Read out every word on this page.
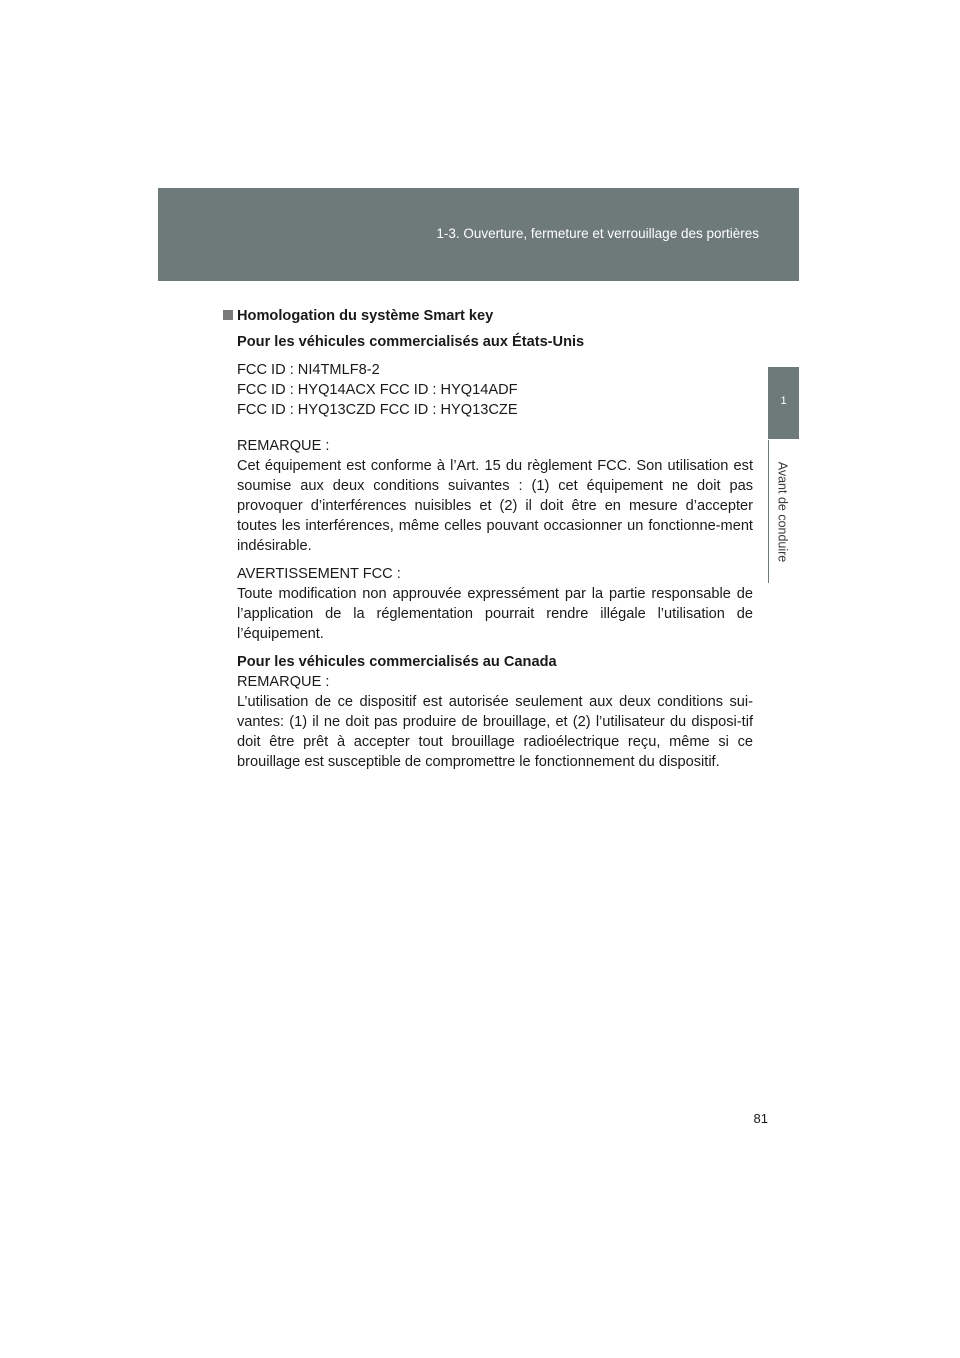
1-3. Ouverture, fermeture et verrouillage des portières
1
Avant de conduire
Homologation du système Smart key
Pour les véhicules commercialisés aux États-Unis

FCC ID : NI4TMLF8-2
FCC ID : HYQ14ACX FCC ID : HYQ14ADF
FCC ID : HYQ13CZD FCC ID : HYQ13CZE

REMARQUE :
Cet équipement est conforme à l’Art. 15 du règlement FCC. Son utilisation est soumise aux deux conditions suivantes : (1) cet équipement ne doit pas provoquer d’interférences nuisibles et (2) il doit être en mesure d’accepter toutes les interférences, même celles pouvant occasionner un fonctionne-ment indésirable.

AVERTISSEMENT FCC :
Toute modification non approuvée expressément par la partie responsable de l’application de la réglementation pourrait rendre illégale l’utilisation de l’équipement.

Pour les véhicules commercialisés au Canada
REMARQUE :
L’utilisation de ce dispositif est autorisée seulement aux deux conditions sui-vantes: (1) il ne doit pas produire de brouillage, et (2) l’utilisateur du disposi-tif doit être prêt à accepter tout brouillage radioélectrique reçu, même si ce brouillage est susceptible de compromettre le fonctionnement du dispositif.

81
